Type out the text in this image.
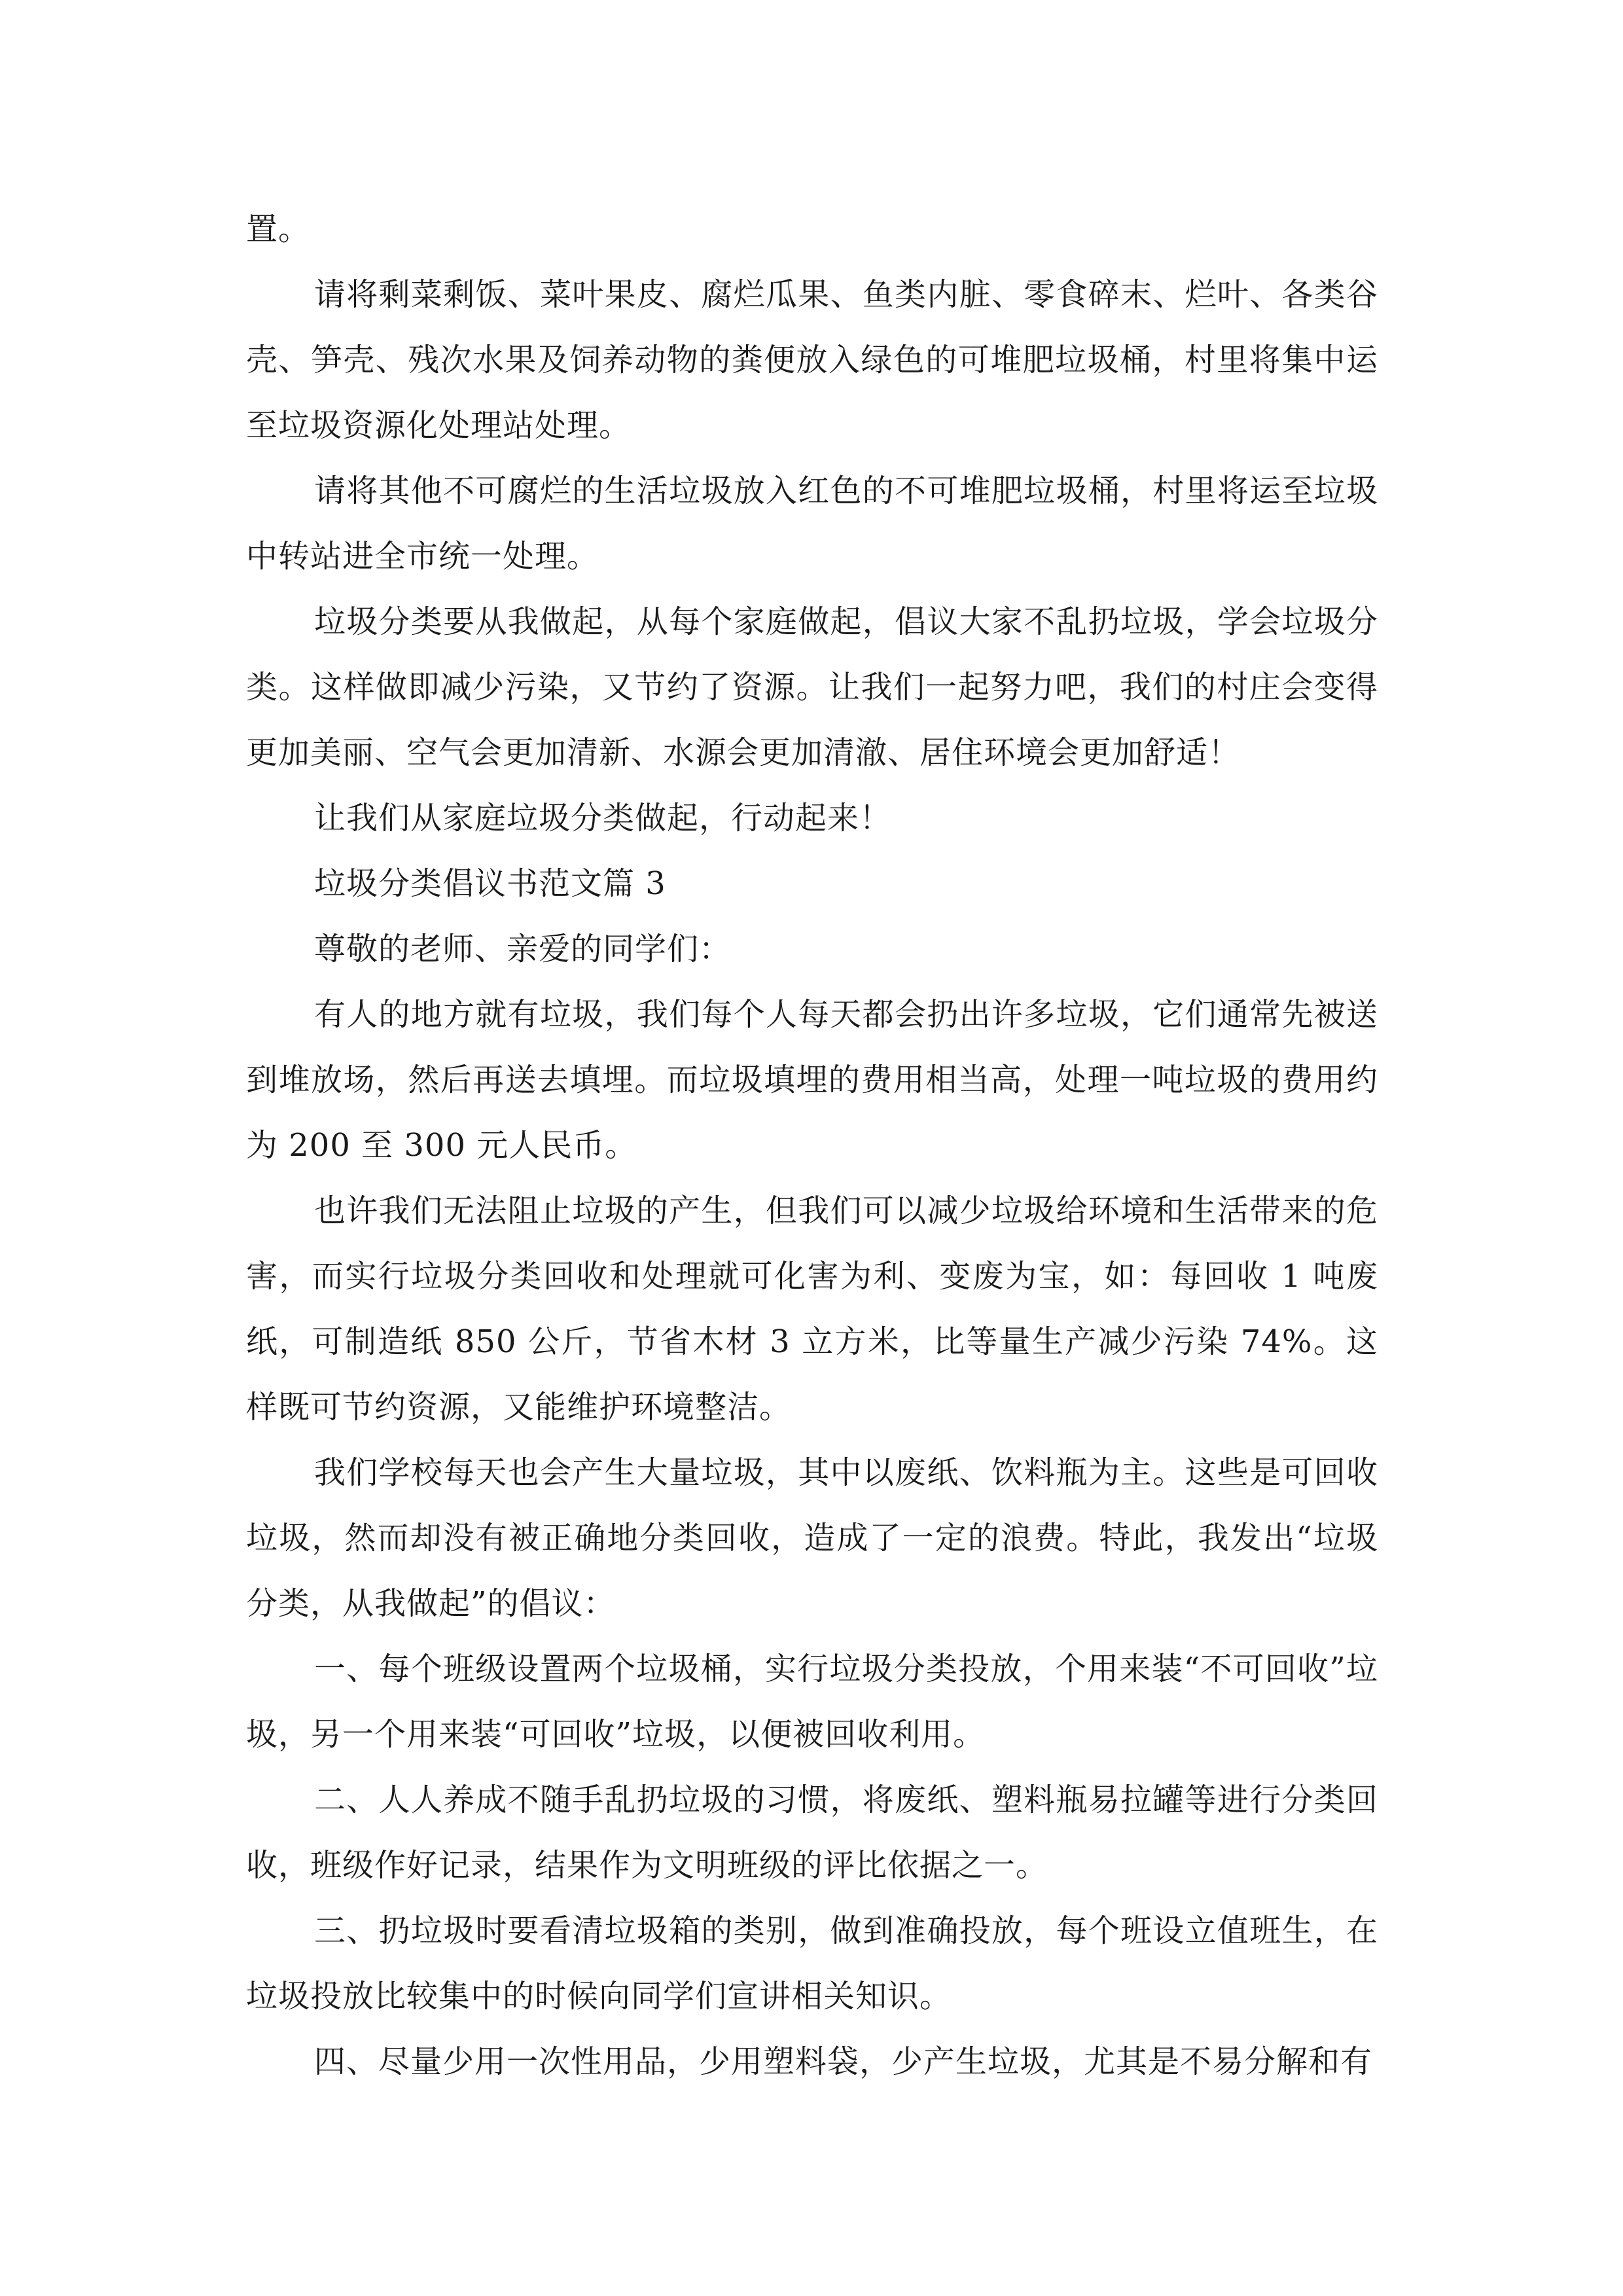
置。

请将剩菜剩饭、菜叶果皮、腐烂瓜果、鱼类内脏、零食碎末、烂叶、各类谷壳、笋壳、残次水果及饲养动物的粪便放入绿色的可堆肥垃圾桶，村里将集中运至垃圾资源化处理站处理。

请将其他不可腐烂的生活垃圾放入红色的不可堆肥垃圾桶，村里将运至垃圾中转站进全市统一处理。

垃圾分类要从我做起，从每个家庭做起，倡议大家不乱扔垃圾，学会垃圾分类。这样做即减少污染，又节约了资源。让我们一起努力吧，我们的村庄会变得更加美丽、空气会更加清新、水源会更加清澈、居住环境会更加舒适！

让我们从家庭垃圾分类做起，行动起来！

垃圾分类倡议书范文篇 3

尊敬的老师、亲爱的同学们：

有人的地方就有垃圾，我们每个人每天都会扔出许多垃圾，它们通常先被送到堆放场，然后再送去填埋。而垃圾填埋的费用相当高，处理一吨垃圾的费用约为 200 至 300 元人民币。

也许我们无法阻止垃圾的产生，但我们可以减少垃圾给环境和生活带来的危害，而实行垃圾分类回收和处理就可化害为利、变废为宝，如：每回收 1 吨废纸，可制造纸 850 公斤，节省木材 3 立方米，比等量生产减少污染 74%。这样既可节约资源，又能维护环境整洁。

我们学校每天也会产生大量垃圾，其中以废纸、饮料瓶为主。这些是可回收垃圾，然而却没有被正确地分类回收，造成了一定的浪费。特此，我发出“垃圾分类，从我做起”的倡议：

一、每个班级设置两个垃圾桶，实行垃圾分类投放，个用来装“不可回收”垃圾，另一个用来装“可回收”垃圾，以便被回收利用。

二、人人养成不随手乱扔垃圾的习惯，将废纸、塑料瓶易拉罐等进行分类回收，班级作好记录，结果作为文明班级的评比依据之一。

三、扔垃圾时要看清垃圾箱的类别，做到准确投放，每个班设立值班生，在垃圾投放比较集中的时候向同学们宣讲相关知识。

四、尽量少用一次性用品，少用塑料袋，少产生垃圾，尤其是不易分解和有
